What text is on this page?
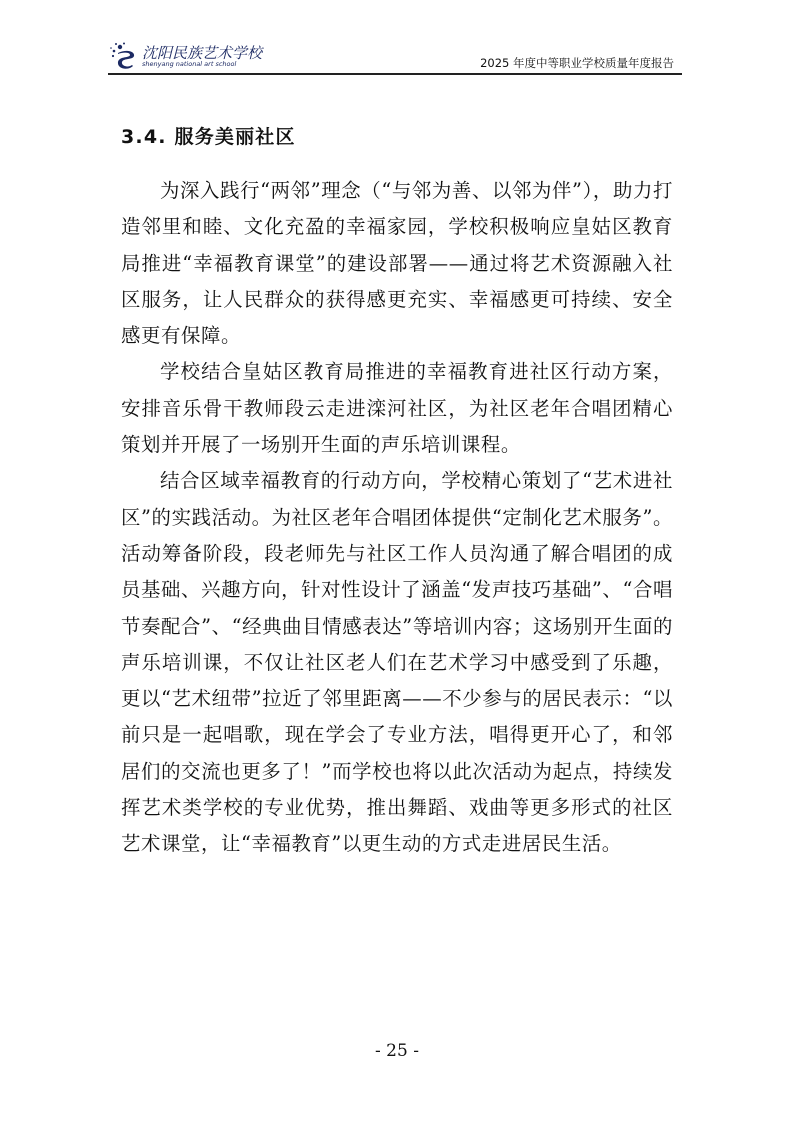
沈阳民族艺术学校
shenyang national art school	2025 年度中等职业学校质量年度报告
3.4. 服务美丽社区

为深入践行“两邻”理念（“与邻为善、以邻为伴”），助力打造邻里和睦、文化充盈的幸福家园，学校积极响应皇姑区教育局推进“幸福教育课堂”的建设部署——通过将艺术资源融入社区服务，让人民群众的获得感更充实、幸福感更可持续、安全感更有保障。

学校结合皇姑区教育局推进的幸福教育进社区行动方案，安排音乐骨干教师段云走进滦河社区，为社区老年合唱团精心策划并开展了一场别开生面的声乐培训课程。

结合区域幸福教育的行动方向，学校精心策划了“艺术进社区”的实践活动。为社区老年合唱团体提供“定制化艺术服务”。活动筹备阶段，段老师先与社区工作人员沟通了解合唱团的成员基础、兴趣方向，针对性设计了涵盖“发声技巧基础”、“合唱节奏配合”、“经典曲目情感表达”等培训内容；这场别开生面的声乐培训课，不仅让社区老人们在艺术学习中感受到了乐趣，更以“艺术纽带”拉近了邻里距离——不少参与的居民表示：“以前只是一起唱歌，现在学会了专业方法，唱得更开心了，和邻居们的交流也更多了！”而学校也将以此次活动为起点，持续发挥艺术类学校的专业优势，推出舞蹈、戏曲等更多形式的社区艺术课堂，让“幸福教育”以更生动的方式走进居民生活。

- 25 -
